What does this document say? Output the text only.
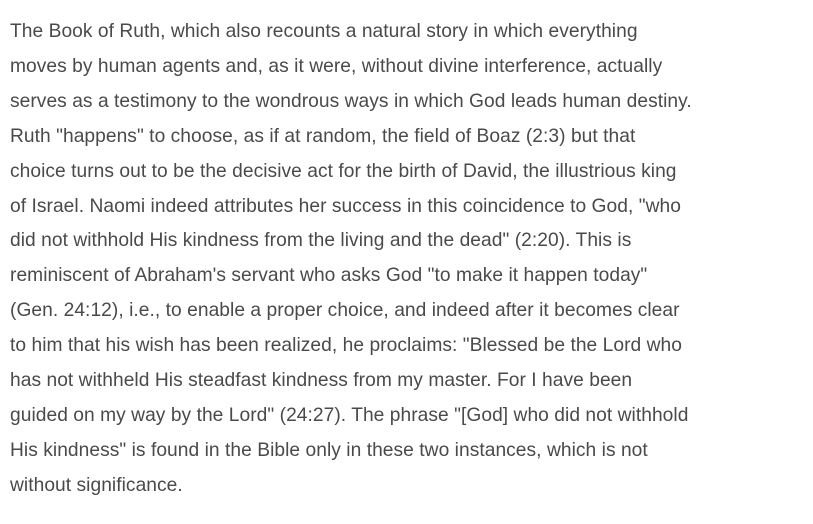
The Book of Ruth, which also recounts a natural story in which everything
moves by human agents and, as it were, without divine interference, actually
serves as a testimony to the wondrous ways in which God leads human destiny.
Ruth "happens" to choose, as if at random, the field of Boaz (2:3) but that
choice turns out to be the decisive act for the birth of David, the illustrious king
of Israel. Naomi indeed attributes her success in this coincidence to God, "who
did not withhold His kindness from the living and the dead" (2:20). This is
reminiscent of Abraham's servant who asks God "to make it happen today"
(Gen. 24:12), i.e., to enable a proper choice, and indeed after it becomes clear
to him that his wish has been realized, he proclaims: "Blessed be the Lord who
has not withheld His steadfast kindness from my master. For I have been
guided on my way by the Lord" (24:27). The phrase "[God] who did not withhold
His kindness" is found in the Bible only in these two instances, which is not
without significance.
